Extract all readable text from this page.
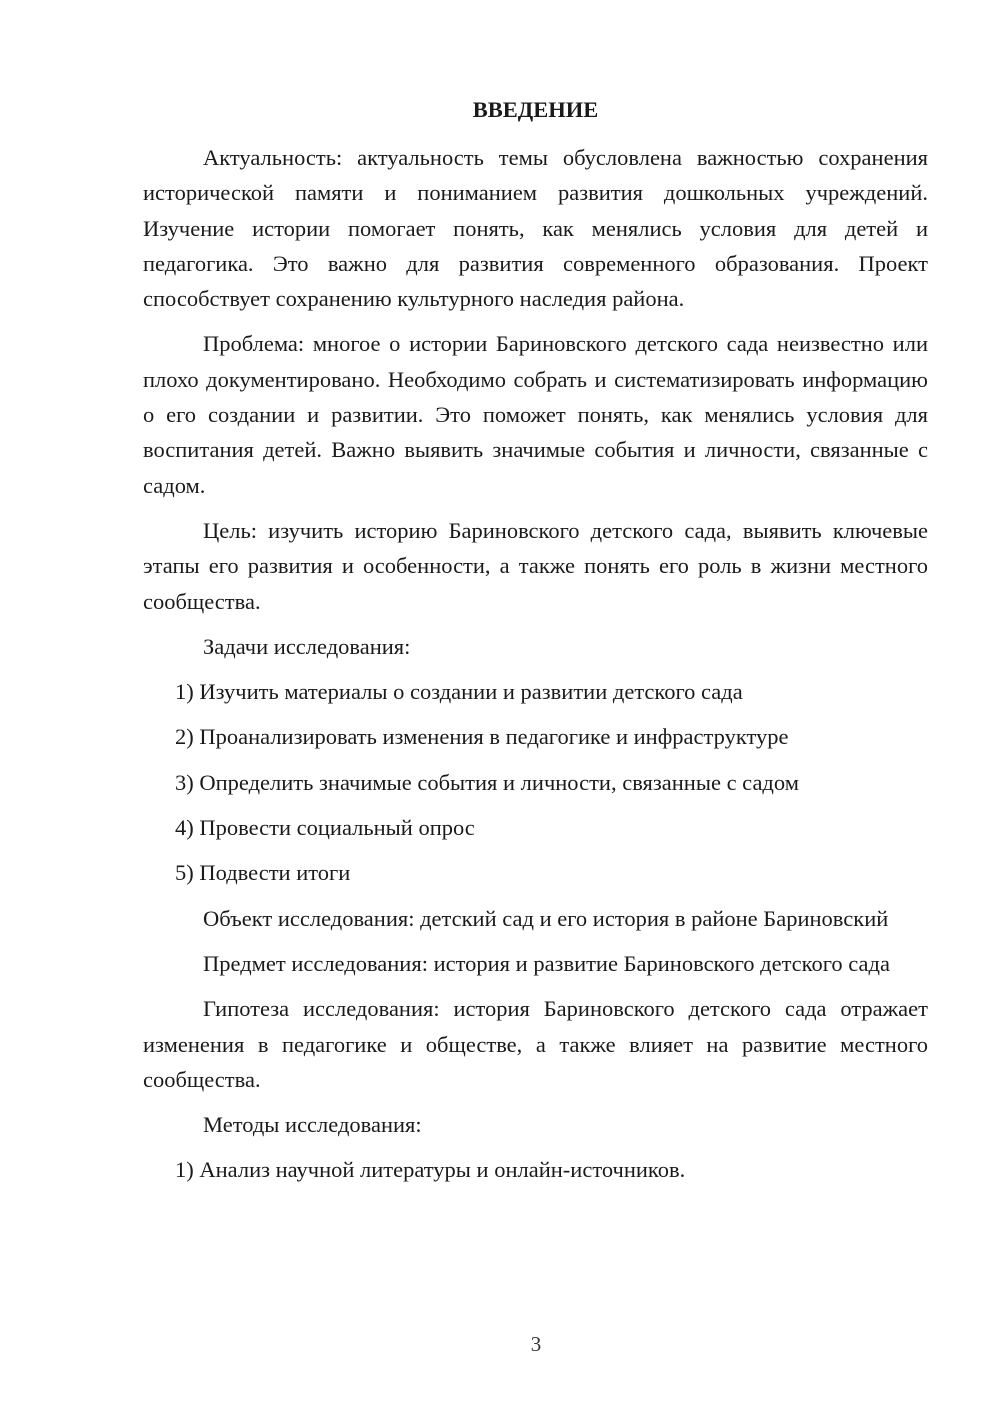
ВВЕДЕНИЕ
Актуальность: актуальность темы обусловлена важностью сохранения исторической памяти и пониманием развития дошкольных учреждений. Изучение истории помогает понять, как менялись условия для детей и педагогика. Это важно для развития современного образования. Проект способствует сохранению культурного наследия района.
Проблема: многое о истории Бариновского детского сада неизвестно или плохо документировано. Необходимо собрать и систематизировать информацию о его создании и развитии. Это поможет понять, как менялись условия для воспитания детей. Важно выявить значимые события и личности, связанные с садом.
Цель: изучить историю Бариновского детского сада, выявить ключевые этапы его развития и особенности, а также понять его роль в жизни местного сообщества.
Задачи исследования:
1) Изучить материалы о создании и развитии детского сада
2) Проанализировать изменения в педагогике и инфраструктуре
3) Определить значимые события и личности, связанные с садом
4) Провести социальный опрос
5) Подвести итоги
Объект исследования: детский сад и его история в районе Бариновский
Предмет исследования: история и развитие Бариновского детского сада
Гипотеза исследования: история Бариновского детского сада отражает изменения в педагогике и обществе, а также влияет на развитие местного сообщества.
Методы исследования:
1) Анализ научной литературы и онлайн-источников.
3
